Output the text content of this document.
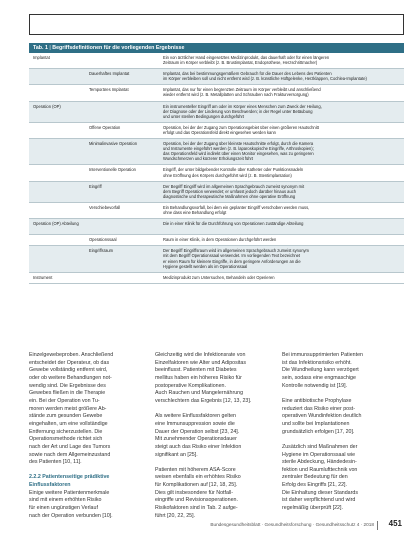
Tab. 1 | Begriffsdefinitionen für die vorliegenden Ergebnisse
Implantat	Ein von ärztlicher Hand eingesetztes Medizinprodukt, das dauerhaft oder für einen längeren
Zeitraum im Körper verbleibt (z. B. Brustimplantat, Endoprothese, Herzschrittmacher)
Dauerhaftes Implantat	Implantat, das bei bestimmungsgemäßem Gebrauch für die Dauer des Lebens des Patienten
im Körper verbleiben soll und nicht entfernt wird (z. B. künstliche Hüftgelenke, Herzklappen, Cochlea-Implantate)
Temporäres Implantat	Implantat, das nur für einen begrenzten Zeitraum im Körper verbleibt und anschließend
wieder entfernt wird (z. B. Metallplatten und Schrauben nach Frakturversorgung)
Operation (OP)	Ein instrumenteller Eingriff am oder im Körper eines Menschen zum Zweck der Heilung,
der Diagnose oder der Linderung von Beschwerden; in der Regel unter Betäubung
und unter sterilen Bedingungen durchgeführt
Offene Operation	Operation, bei der der Zugang zum Operationsgebiet über einen größeren Hautschnitt
erfolgt und das Operationsfeld direkt eingesehen werden kann
Minimalinvasive Operation	Operation, bei der der Zugang über kleinste Hautschnitte erfolgt, durch die Kamera
und Instrumente eingeführt werden (z. B. laparoskopische Eingriffe, Arthroskopien);
das Operationsfeld wird indirekt über einen Monitor eingesehen, was zu geringeren
Wundschmerzen und kürzerer Erholungszeit führt
Interventionelle Operation	Eingriff, der unter bildgebender Kontrolle über Katheter oder Punktionsnadeln
ohne Eröffnung des Körpers durchgeführt wird (z. B. Stentimplantation)
Eingriff	Der Begriff Eingriff wird im allgemeinen Sprachgebrauch zumeist synonym mit
dem Begriff Operation verwendet; er umfasst jedoch darüber hinaus auch
diagnostische und therapeutische Maßnahmen ohne operative Eröffnung
Verschiebevorfall	Ein Behandlungsvorfall, bei dem ein geplanter Eingriff verschoben werden muss,
ohne dass eine Behandlung erfolgt
Operation (OP) Abteilung	Die in einer Klinik für die Durchführung von Operationen zuständige Abteilung
Operationssaal	Raum in einer Klinik, in dem Operationen durchgeführt werden
Eingriffsraum	Der Begriff Eingriffsraum wird im allgemeinen Sprachgebrauch zumeist synonym
mit dem Begriff Operationssaal verwendet. Im vorliegenden Text bezeichnet
er einen Raum für kleinere Eingriffe, in dem geringere Anforderungen an die
Hygiene gestellt werden als im Operationssaal
Instrument	Medizinprodukt zum Untersuchen, Behandeln oder Operieren

Einzelgewebeproben. Anschließend

entscheidet der Operateur, ob das

Gewebe vollständig entfernt wird,

oder ob weitere Behandlungen not-

wendig sind. Die Ergebnisse des

Gewebes fließen in die Therapie

ein. Bei der Operation von Tu-

moren werden meist größere Ab-

stände zum gesunden Gewebe

eingehalten, um eine vollständige

Entfernung sicherzustellen. Die

Operationsmethode richtet sich

nach der Art und Lage des Tumors

sowie nach dem Allgemeinzustand

des Patienten [10, 11].

2.2.2 Patientenseitige prädiktive

Einflussfaktoren

Einige weitere Patientenmerkmale

sind mit einem erhöhten Risiko

für einen ungünstigen Verlauf

nach der Operation verbunden [10].

Gleichzeitig wird die Infektionsrate von

Einzelfaktoren wie Alter und Adipositas

beeinflusst. Patienten mit Diabetes

mellitus haben ein höheres Risiko für

postoperative Komplikationen.

Auch Rauchen und Mangelernährung

verschlechtern das Ergebnis [12, 13, 23].

Als weitere Einflussfaktoren gelten

eine Immunsuppression sowie die

Dauer der Operation selbst [23, 24].

Mit zunehmender Operationsdauer

steigt auch das Risiko einer Infektion

signifikant an [25].

Patienten mit höherem ASA-Score

weisen ebenfalls ein erhöhtes Risiko

für Komplikationen auf [12, 18, 25].

Dies gilt insbesondere für Notfall-

eingriffe und Revisionsoperationen.

Risikofaktoren sind in Tab. 2 aufge-

führt [20, 22, 25].

Bei immunsupprimierten Patienten

ist das Infektionsrisiko erhöht.

Die Wundheilung kann verzögert

sein, sodass eine engmaschige

Kontrolle notwendig ist [19].

Eine antibiotische Prophylaxe

reduziert das Risiko einer post-

operativen Wundinfektion deutlich

und sollte bei Implantationen

grundsätzlich erfolgen [17, 20].

Zusätzlich sind Maßnahmen der

Hygiene im Operationssaal wie

sterile Abdeckung, Händedesin-

fektion und Raumlufttechnik von

zentraler Bedeutung für den

Erfolg des Eingriffs [21, 22].

Die Einhaltung dieser Standards

ist daher verpflichtend und wird

regelmäßig überprüft [22].

Bundesgesundheitsblatt · Gesundheitsforschung · Gesundheitsschutz 4 · 2018 451
